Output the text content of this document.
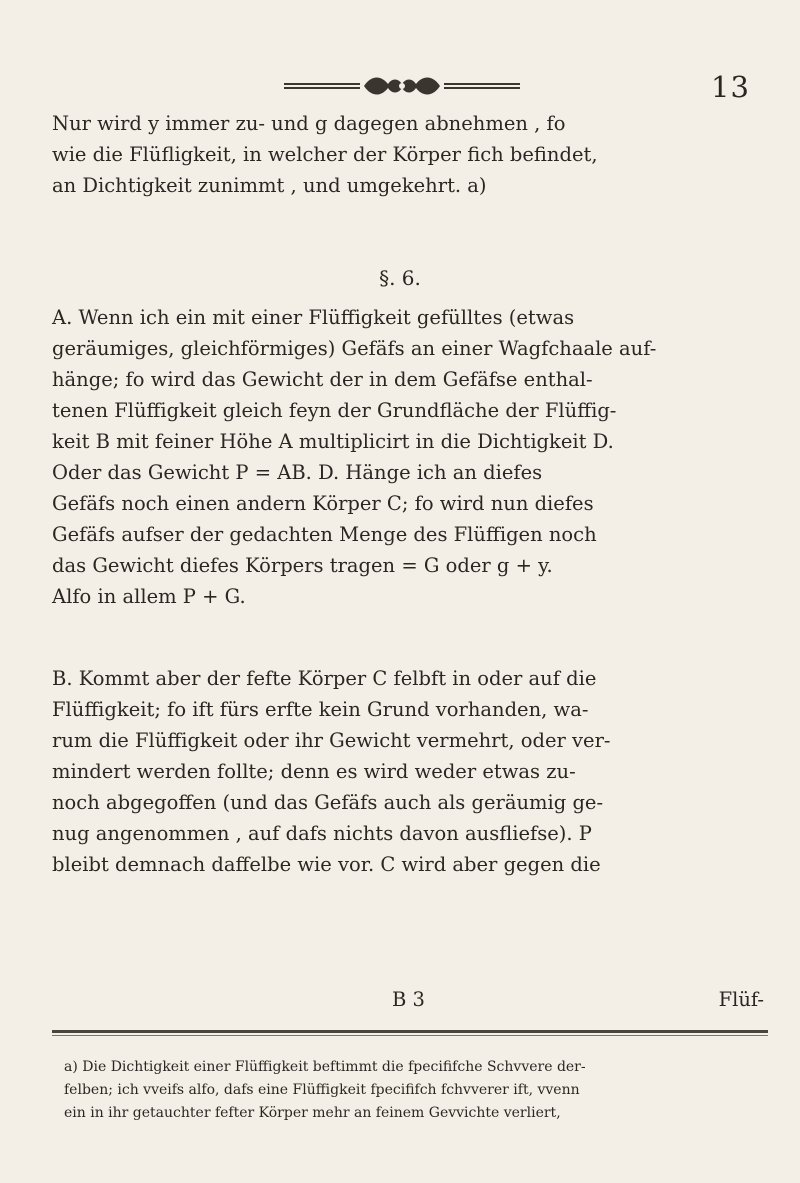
13
Nur wird y immer zu- und g dagegen abnehmen , fo
wie die Flüfligkeit, in welcher der Körper fich befindet,
an Dichtigkeit zunimmt , und umgekehrt. a)
§. 6.
A. Wenn ich ein mit einer Flüffigkeit gefülltes (etwas
geräumiges, gleichförmiges) Gefäfs an einer Wagfchaale auf-
hänge; fo wird das Gewicht der in dem Gefäfse enthal-
tenen Flüffigkeit gleich feyn der Grundfläche der Flüffig-
keit B mit feiner Höhe A multiplicirt in die Dichtigkeit D.
Oder das Gewicht P = AB. D. Hänge ich an diefes
Gefäfs noch einen andern Körper C; fo wird nun diefes
Gefäfs aufser der gedachten Menge des Flüffigen noch
das Gewicht diefes Körpers tragen = G oder g + y.
Alfo in allem P + G.
B. Kommt aber der fefte Körper C felbft in oder auf die
Flüffigkeit; fo ift fürs erfte kein Grund vorhanden, wa-
rum die Flüffigkeit oder ihr Gewicht vermehrt, oder ver-
mindert werden follte; denn es wird weder etwas zu-
noch abgegoffen (und das Gefäfs auch als geräumig ge-
nug angenommen , auf dafs nichts davon ausfliefse). P
bleibt demnach daffelbe wie vor. C wird aber gegen die
B 3	Flüf-
a) Die Dichtigkeit einer Flüffigkeit beftimmt die fpecififche Schvvere der-
felben; ich vveifs alfo, dafs eine Flüffigkeit fpecififch fchvverer ift, vvenn
ein in ihr getauchter fefter Körper mehr an feinem Gevvichte verliert,
